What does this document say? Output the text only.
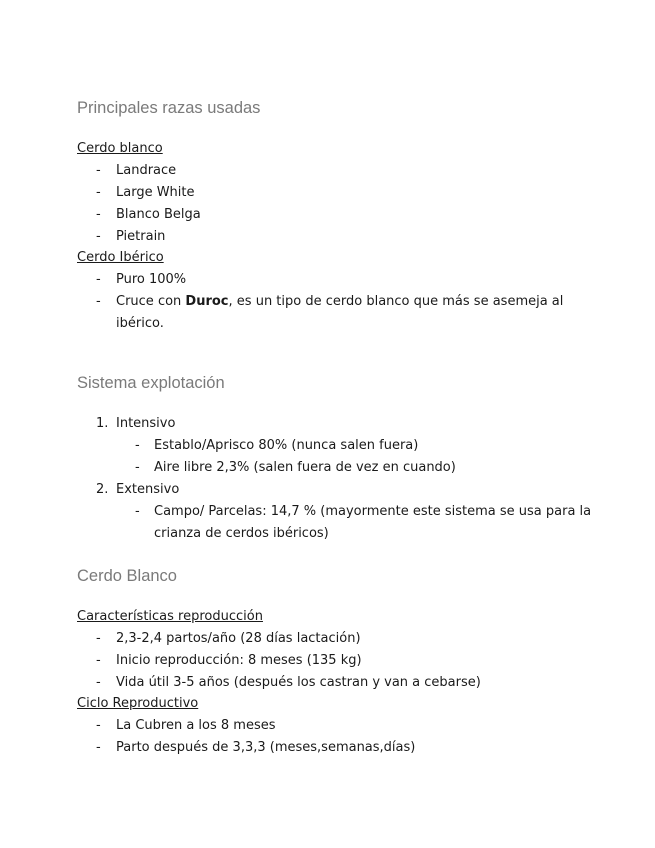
Principales razas usadas
Cerdo blanco
- Landrace
- Large White
- Blanco Belga
- Pietrain
Cerdo Ibérico
- Puro 100%
- Cruce con Duroc, es un tipo de cerdo blanco que más se asemeja al
ibérico.
Sistema explotación
1. Intensivo
- Establo/Aprisco 80% (nunca salen fuera)
- Aire libre 2,3% (salen fuera de vez en cuando)
2. Extensivo
- Campo/ Parcelas: 14,7 % (mayormente este sistema se usa para la
crianza de cerdos ibéricos)
Cerdo Blanco
Características reproducción
- 2,3-2,4 partos/año (28 días lactación)
- Inicio reproducción: 8 meses (135 kg)
- Vida útil 3-5 años (después los castran y van a cebarse)
Ciclo Reproductivo
- La Cubren a los 8 meses
- Parto después de 3,3,3 (meses,semanas,días)
